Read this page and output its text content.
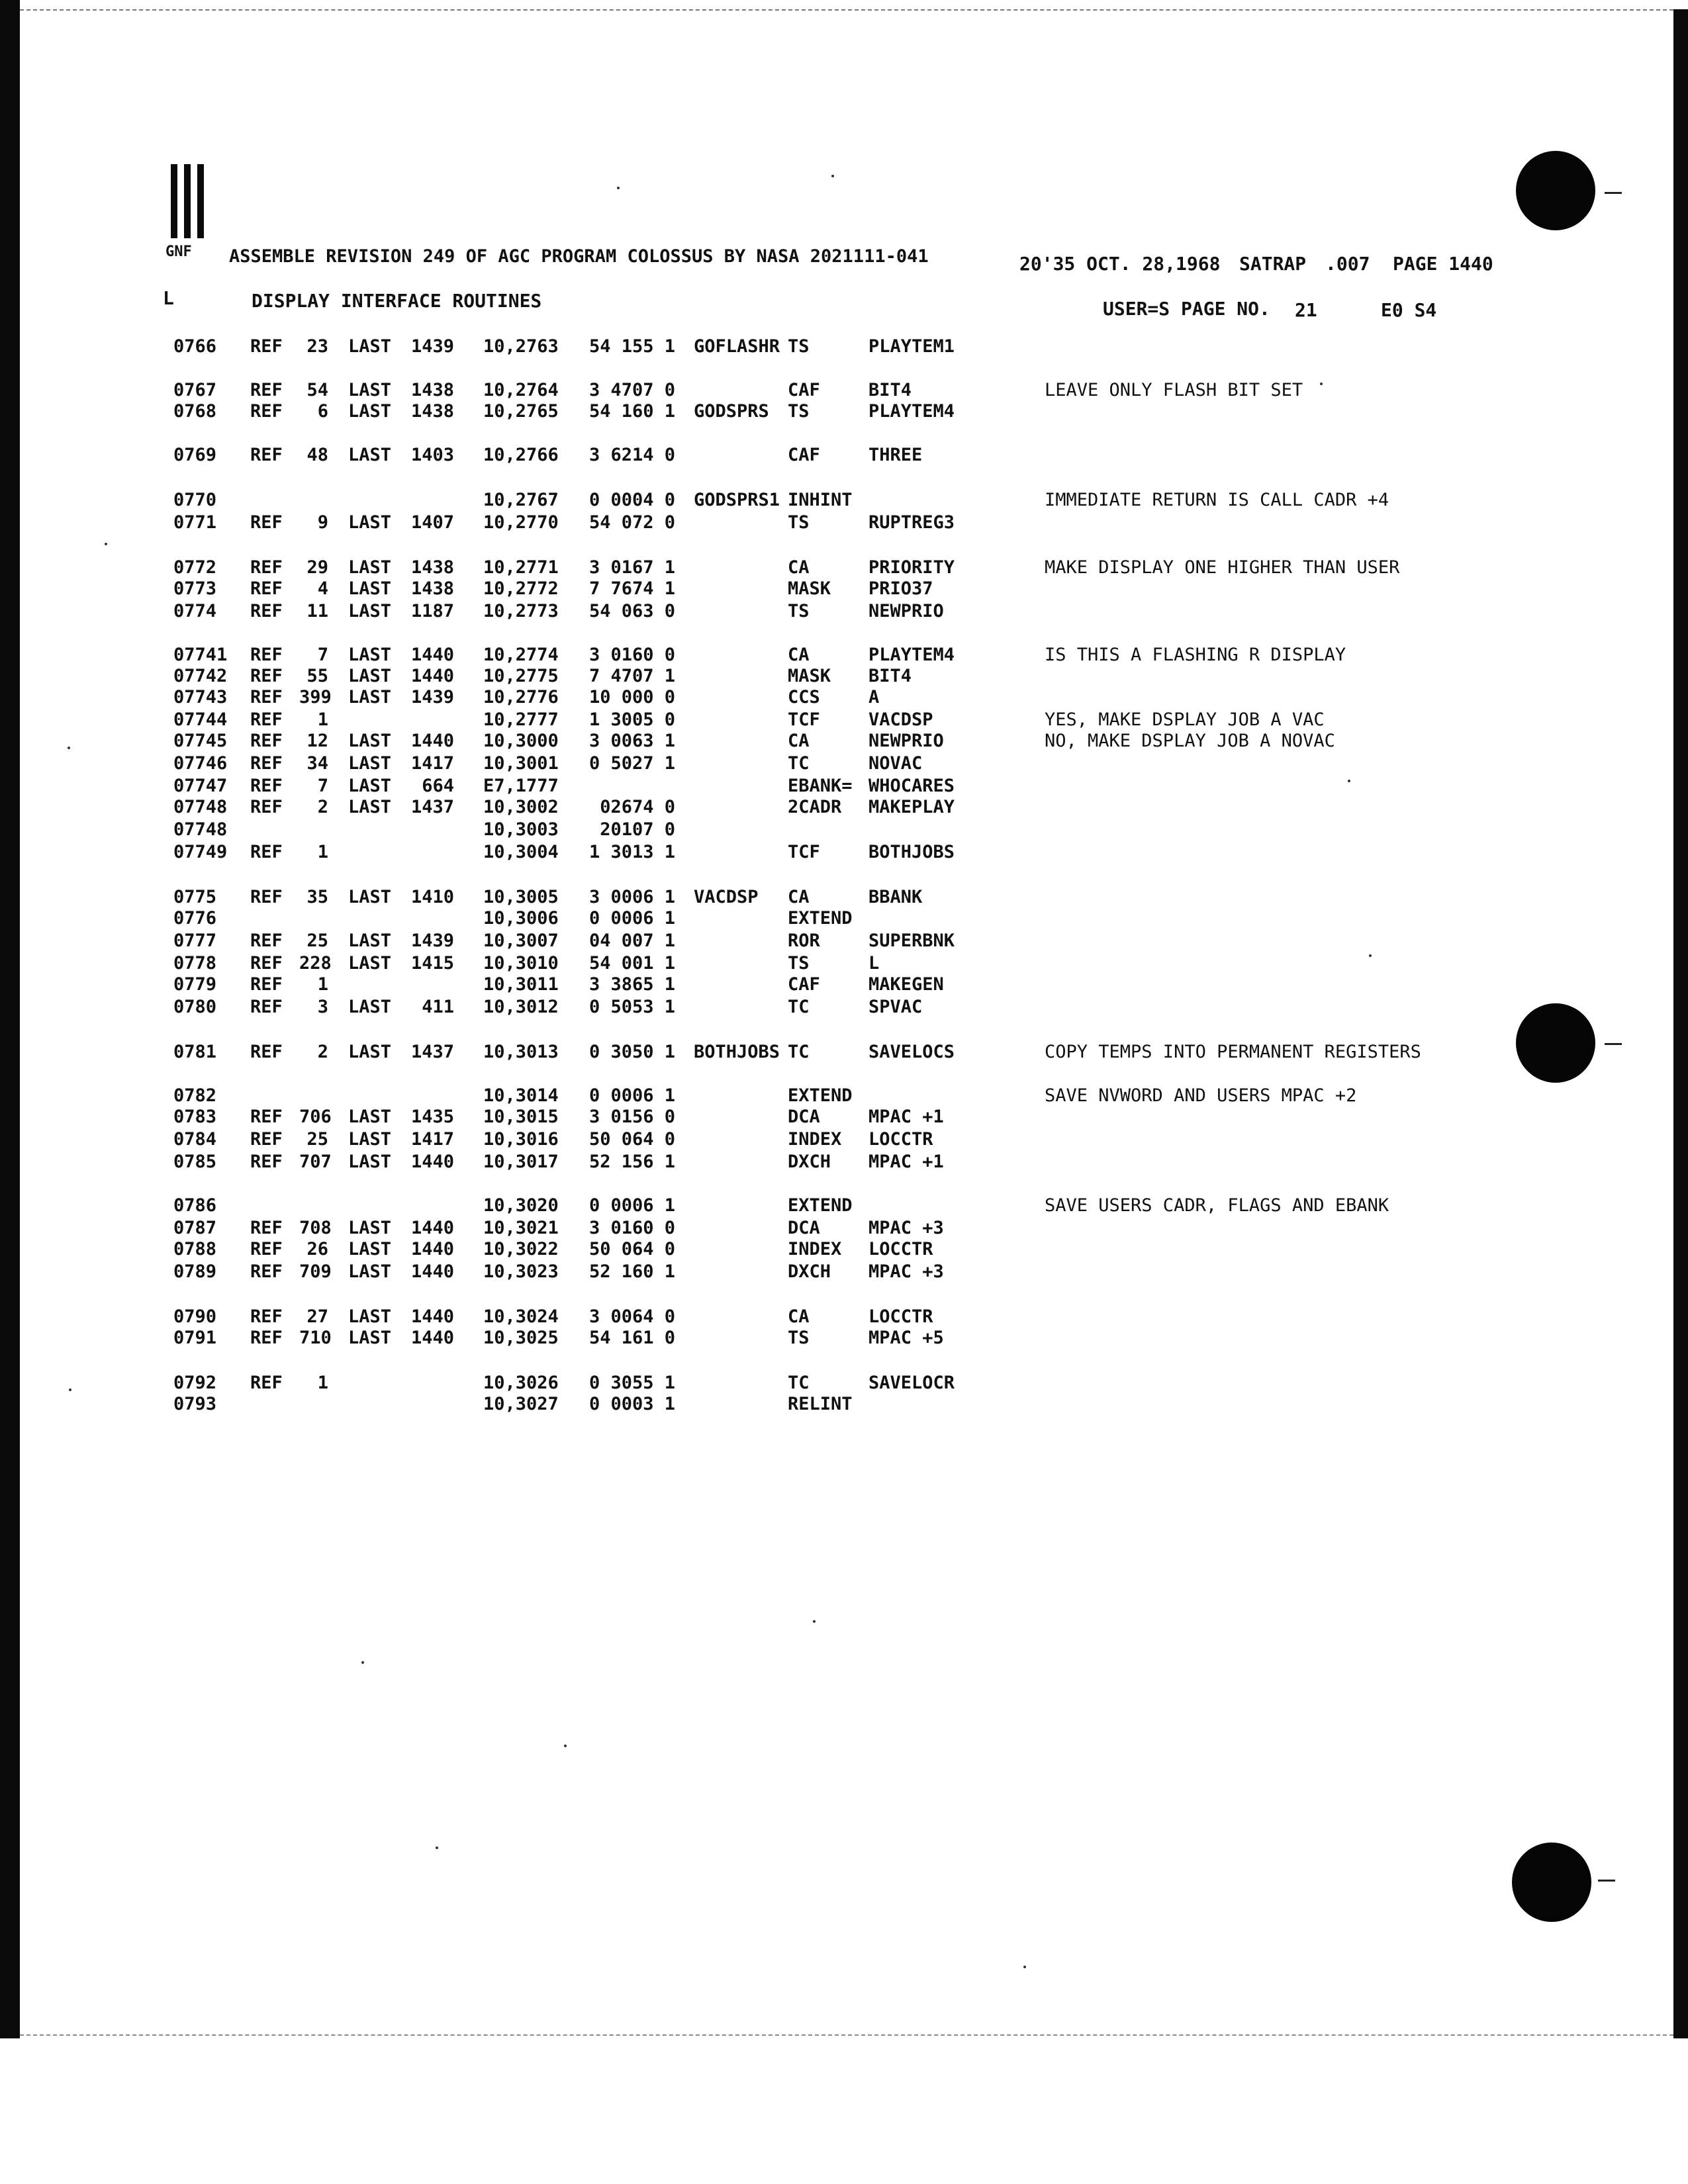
GNF ASSEMBLE REVISION 249 OF AGC PROGRAM COLOSSUS BY NASA 2021111-041	20'35 OCT. 28,1968 SATRAP .007 PAGE 1440
L	DISPLAY INTERFACE ROUTINES	USER=S PAGE NO. 21	E0 S4
0766 REF	23 LAST	1439 10,2763	54 155 1 GOFLASHR TS	PLAYTEM1
0767 REF	54 LAST	1438 10,2764	3 4707 0	CAF	BIT4	LEAVE ONLY FLASH BIT SET
0768 REF	6 LAST	1438 10,2765	54 160 1 GODSPRS TS	PLAYTEM4
0769 REF	48 LAST	1403 10,2766	3 6214 0	CAF	THREE
0770	10,2767	0 0004 0 GODSPRS1 INHINT	IMMEDIATE RETURN IS CALL CADR +4
0771 REF	9 LAST	1407 10,2770	54 072 0	TS	RUPTREG3
0772 REF	29 LAST	1438 10,2771	3 0167 1	CA	PRIORITY	MAKE DISPLAY ONE HIGHER THAN USER
0773 REF	4 LAST	1438 10,2772	7 7674 1	MASK PRIO37
0774 REF	11 LAST	1187 10,2773	54 063 0	TS	NEWPRIO
07741 REF	7 LAST	1440 10,2774	3 0160 0	CA	PLAYTEM4	IS THIS A FLASHING R DISPLAY
07742 REF	55 LAST	1440 10,2775	7 4707 1	MASK BIT4
07743 REF 399 LAST	1439 10,2776	10 000 0	CCS	A
07744 REF	1	10,2777	1 3005 0	TCF	VACDSP	YES, MAKE DSPLAY JOB A VAC
07745 REF	12 LAST	1440 10,3000	3 0063 1	CA	NEWPRIO	NO, MAKE DSPLAY JOB A NOVAC
07746 REF	34 LAST	1417 10,3001	0 5027 1	TC	NOVAC
07747 REF	7 LAST	664 E7,1777	EBANK= WHOCARES
07748 REF	2 LAST	1437 10,3002	02674 0	2CADR MAKEPLAY
07748	10,3003	20107 0
07749 REF	1	10,3004	1 3013 1	TCF	BOTHJOBS
0775 REF	35 LAST	1410 10,3005	3 0006 1 VACDSP CA	BBANK
0776	10,3006	0 0006 1	EXTEND
0777 REF	25 LAST	1439 10,3007	04 007 1	ROR	SUPERBNK
0778 REF 228 LAST	1415 10,3010	54 001 1	TS	L
0779 REF	1	10,3011	3 3865 1	CAF	MAKEGEN
0780 REF	3 LAST	411 10,3012	0 5053 1	TC	SPVAC
0781 REF	2 LAST	1437 10,3013	0 3050 1 BOTHJOBS TC	SAVELOCS	COPY TEMPS INTO PERMANENT REGISTERS
0782	10,3014	0 0006 1	EXTEND	SAVE NVWORD AND USERS MPAC +2
0783 REF 706 LAST	1435 10,3015	3 0156 0	DCA	MPAC +1
0784 REF	25 LAST	1417 10,3016	50 064 0	INDEX LOCCTR
0785 REF 707 LAST	1440 10,3017	52 156 1	DXCH MPAC +1
0786	10,3020	0 0006 1	EXTEND	SAVE USERS CADR, FLAGS AND EBANK
0787 REF 708 LAST	1440 10,3021	3 0160 0	DCA	MPAC +3
0788 REF	26 LAST	1440 10,3022	50 064 0	INDEX LOCCTR
0789 REF 709 LAST	1440 10,3023	52 160 1	DXCH MPAC +3
0790 REF	27 LAST	1440 10,3024	3 0064 0	CA	LOCCTR
0791 REF 710 LAST	1440 10,3025	54 161 0	TS	MPAC +5
0792 REF	1	10,3026	0 3055 1	TC	SAVELOCR
0793	10,3027	0 0003 1	RELINT
